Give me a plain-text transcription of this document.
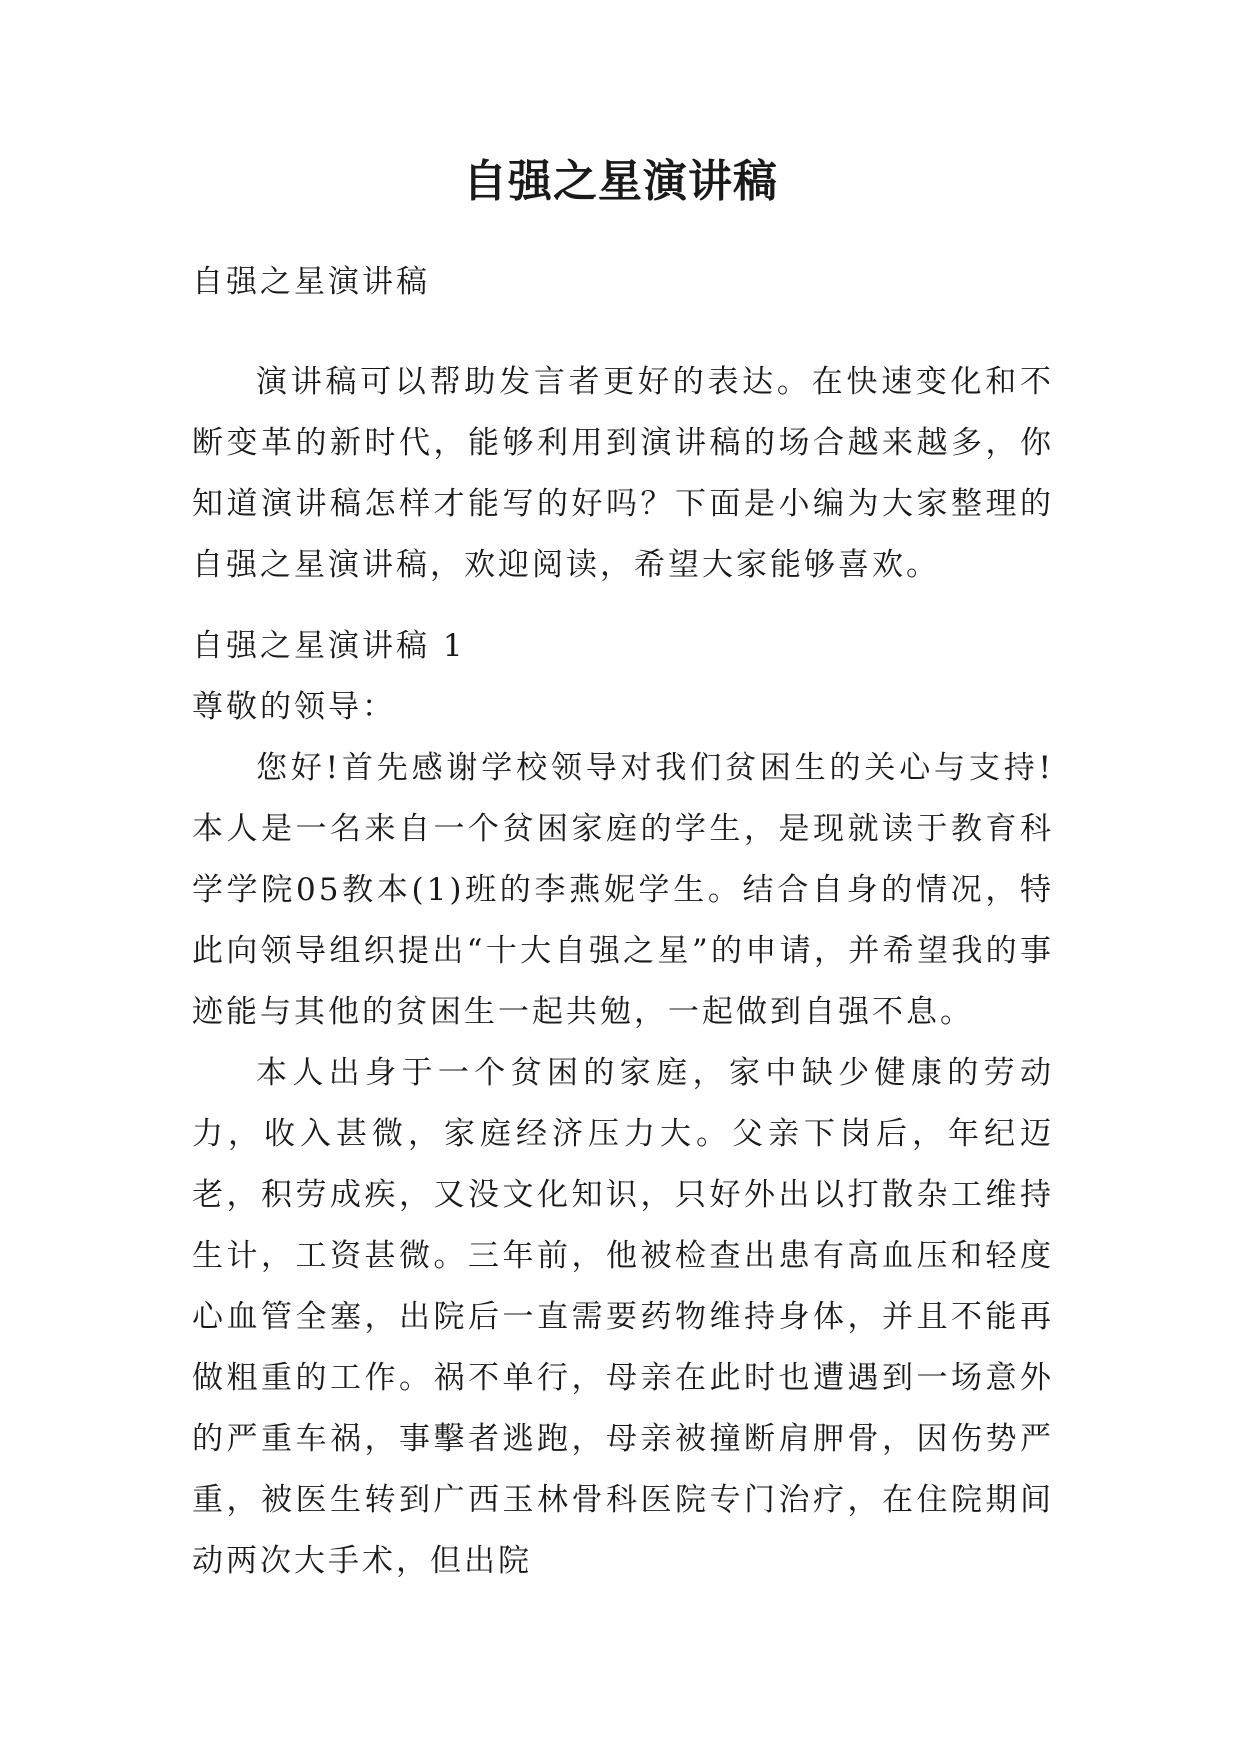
自强之星演讲稿

自强之星演讲稿

演讲稿可以帮助发言者更好的表达。在快速变化和不断变革的新时代，能够利用到演讲稿的场合越来越多，你知道演讲稿怎样才能写的好吗？下面是小编为大家整理的自强之星演讲稿，欢迎阅读，希望大家能够喜欢。

自强之星演讲稿 1

尊敬的领导：

您好!首先感谢学校领导对我们贫困生的关心与支持!本人是一名来自一个贫困家庭的学生，是现就读于教育科学学院05教本(1)班的李燕妮学生。结合自身的情况，特此向领导组织提出“十大自强之星”的申请，并希望我的事迹能与其他的贫困生一起共勉，一起做到自强不息。

本人出身于一个贫困的家庭，家中缺少健康的劳动力，收入甚微，家庭经济压力大。父亲下岗后，年纪迈老，积劳成疾，又没文化知识，只好外出以打散杂工维持生计，工资甚微。三年前，他被检查出患有高血压和轻度心血管全塞，出院后一直需要药物维持身体，并且不能再做粗重的工作。祸不单行，母亲在此时也遭遇到一场意外的严重车祸，事擊者逃跑，母亲被撞断肩胛骨，因伤势严重，被医生转到广西玉林骨科医院专门治疗，在住院期间动两次大手术，但出院
